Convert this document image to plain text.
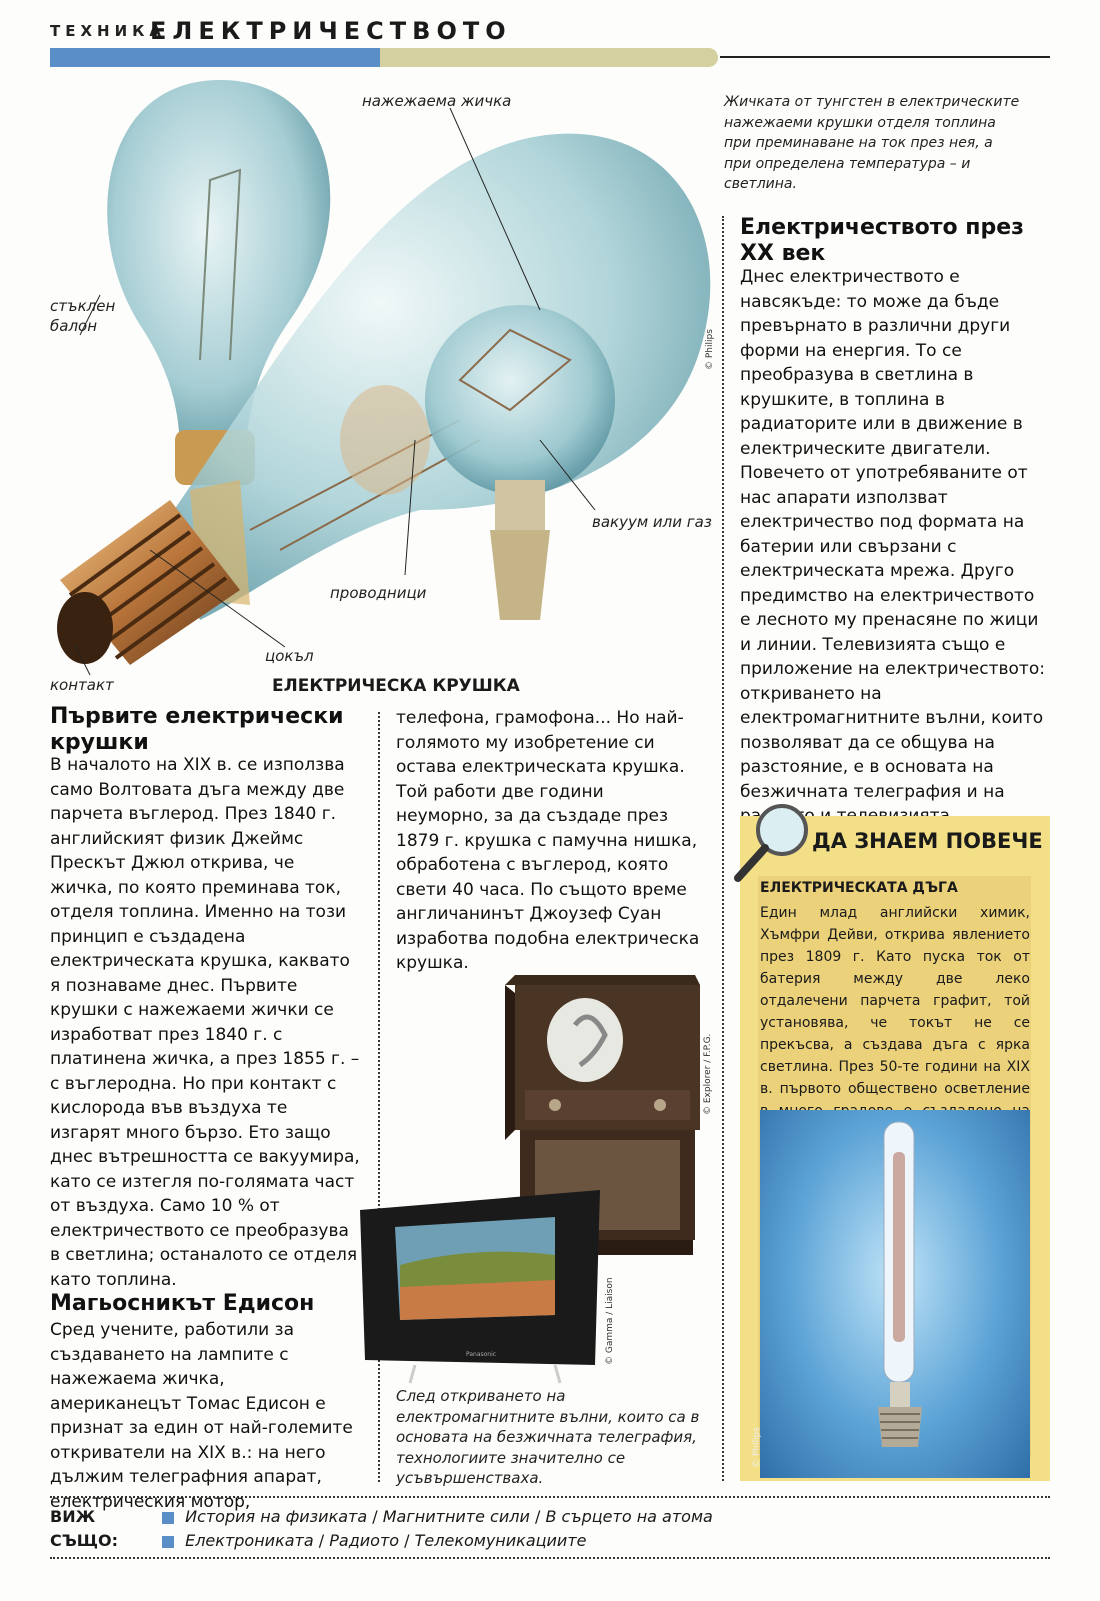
ТЕХНИКА
ЕЛЕКТРИЧЕСТВОТО
нажежаема жичка
стъклен балон
вакуум или газ
проводници
цокъл
контакт
© Philips
ЕЛЕКТРИЧЕСКА КРУШКА
Жичката от тунгстен в електрическите нажежаеми крушки отделя топлина при преминаване на ток през нея, а при определена температура – и светлина.
Първите електрически крушки
В началото на XIX в. се използва само Волтовата дъга между две парчета въглерод. През 1840 г. английският физик Джеймс Прескът Джюл открива, че жичка, по която преминава ток, отделя топлина. Именно на този принцип е създадена електрическата крушка, каквато я познаваме днес. Първите крушки с нажежаеми жички се изработват през 1840 г. с платинена жичка, а през 1855 г. – с въглеродна. Но при контакт с кислорода във въздуха те изгарят много бързо. Ето защо днес вътрешността се вакуумира, като се изтегля по-голямата част от въздуха. Само 10 % от електричеството се преобразува в светлина; останалото се отделя като топлина.
Магьосникът Едисон
Сред учените, работили за създаването на лампите с нажежаема жичка, американецът Томас Едисон е признат за един от най-големите откриватели на XIX в.: на него дължим телеграфния апарат, електрическия мотор,
телефона, грамофона... Но най-голямото му изобретение си остава електрическата крушка. Той работи две години неуморно, за да създаде през 1879 г. крушка с памучна нишка, обработена с въглерод, която свети 40 часа. По същото време англичанинът Джоузеф Суан изработва подобна електрическа крушка.
Panasonic
© Explorer / F.P.G.
© Gamma / Liaison
След откриването на електромагнитните вълни, които са в основата на безжичната телеграфия, технологиите значително се усъвършенстваха.
Електричеството през XX век
Днес електричеството е навсякъде: то може да бъде превърнато в различни други форми на енергия. То се преобразува в светлина в крушките, в топлина в радиаторите или в движение в електрическите двигатели. Повечето от употребяваните от нас апарати използват електричество под формата на батерии или свързани с електрическата мрежа. Друго предимство на електричеството е лесното му пренасяне по жици и линии. Телевизията също е приложение на електричеството: откриването на електромагнитните вълни, които позволяват да се общува на разстояние, е в основата на безжичната телеграфия и на
ДА ЗНАЕМ ПОВЕЧЕ
ЕЛЕКТРИЧЕСКАТА ДЪГА
Един млад английски химик, Хъмфри Дейви, открива явлението през 1809 г. Като пуска ток от батерия между две леко отдалечени парчета графит, той установява, че токът не се прекъсва, а създава дъга с ярка светлина. През 50-те години на XIX в. първото обществено осветление
© Philips
ВИЖ СЪЩО:
История на физиката / Магнитните сили / В сърцето на атома
Електрониката / Радиото / Телекомуникациите
